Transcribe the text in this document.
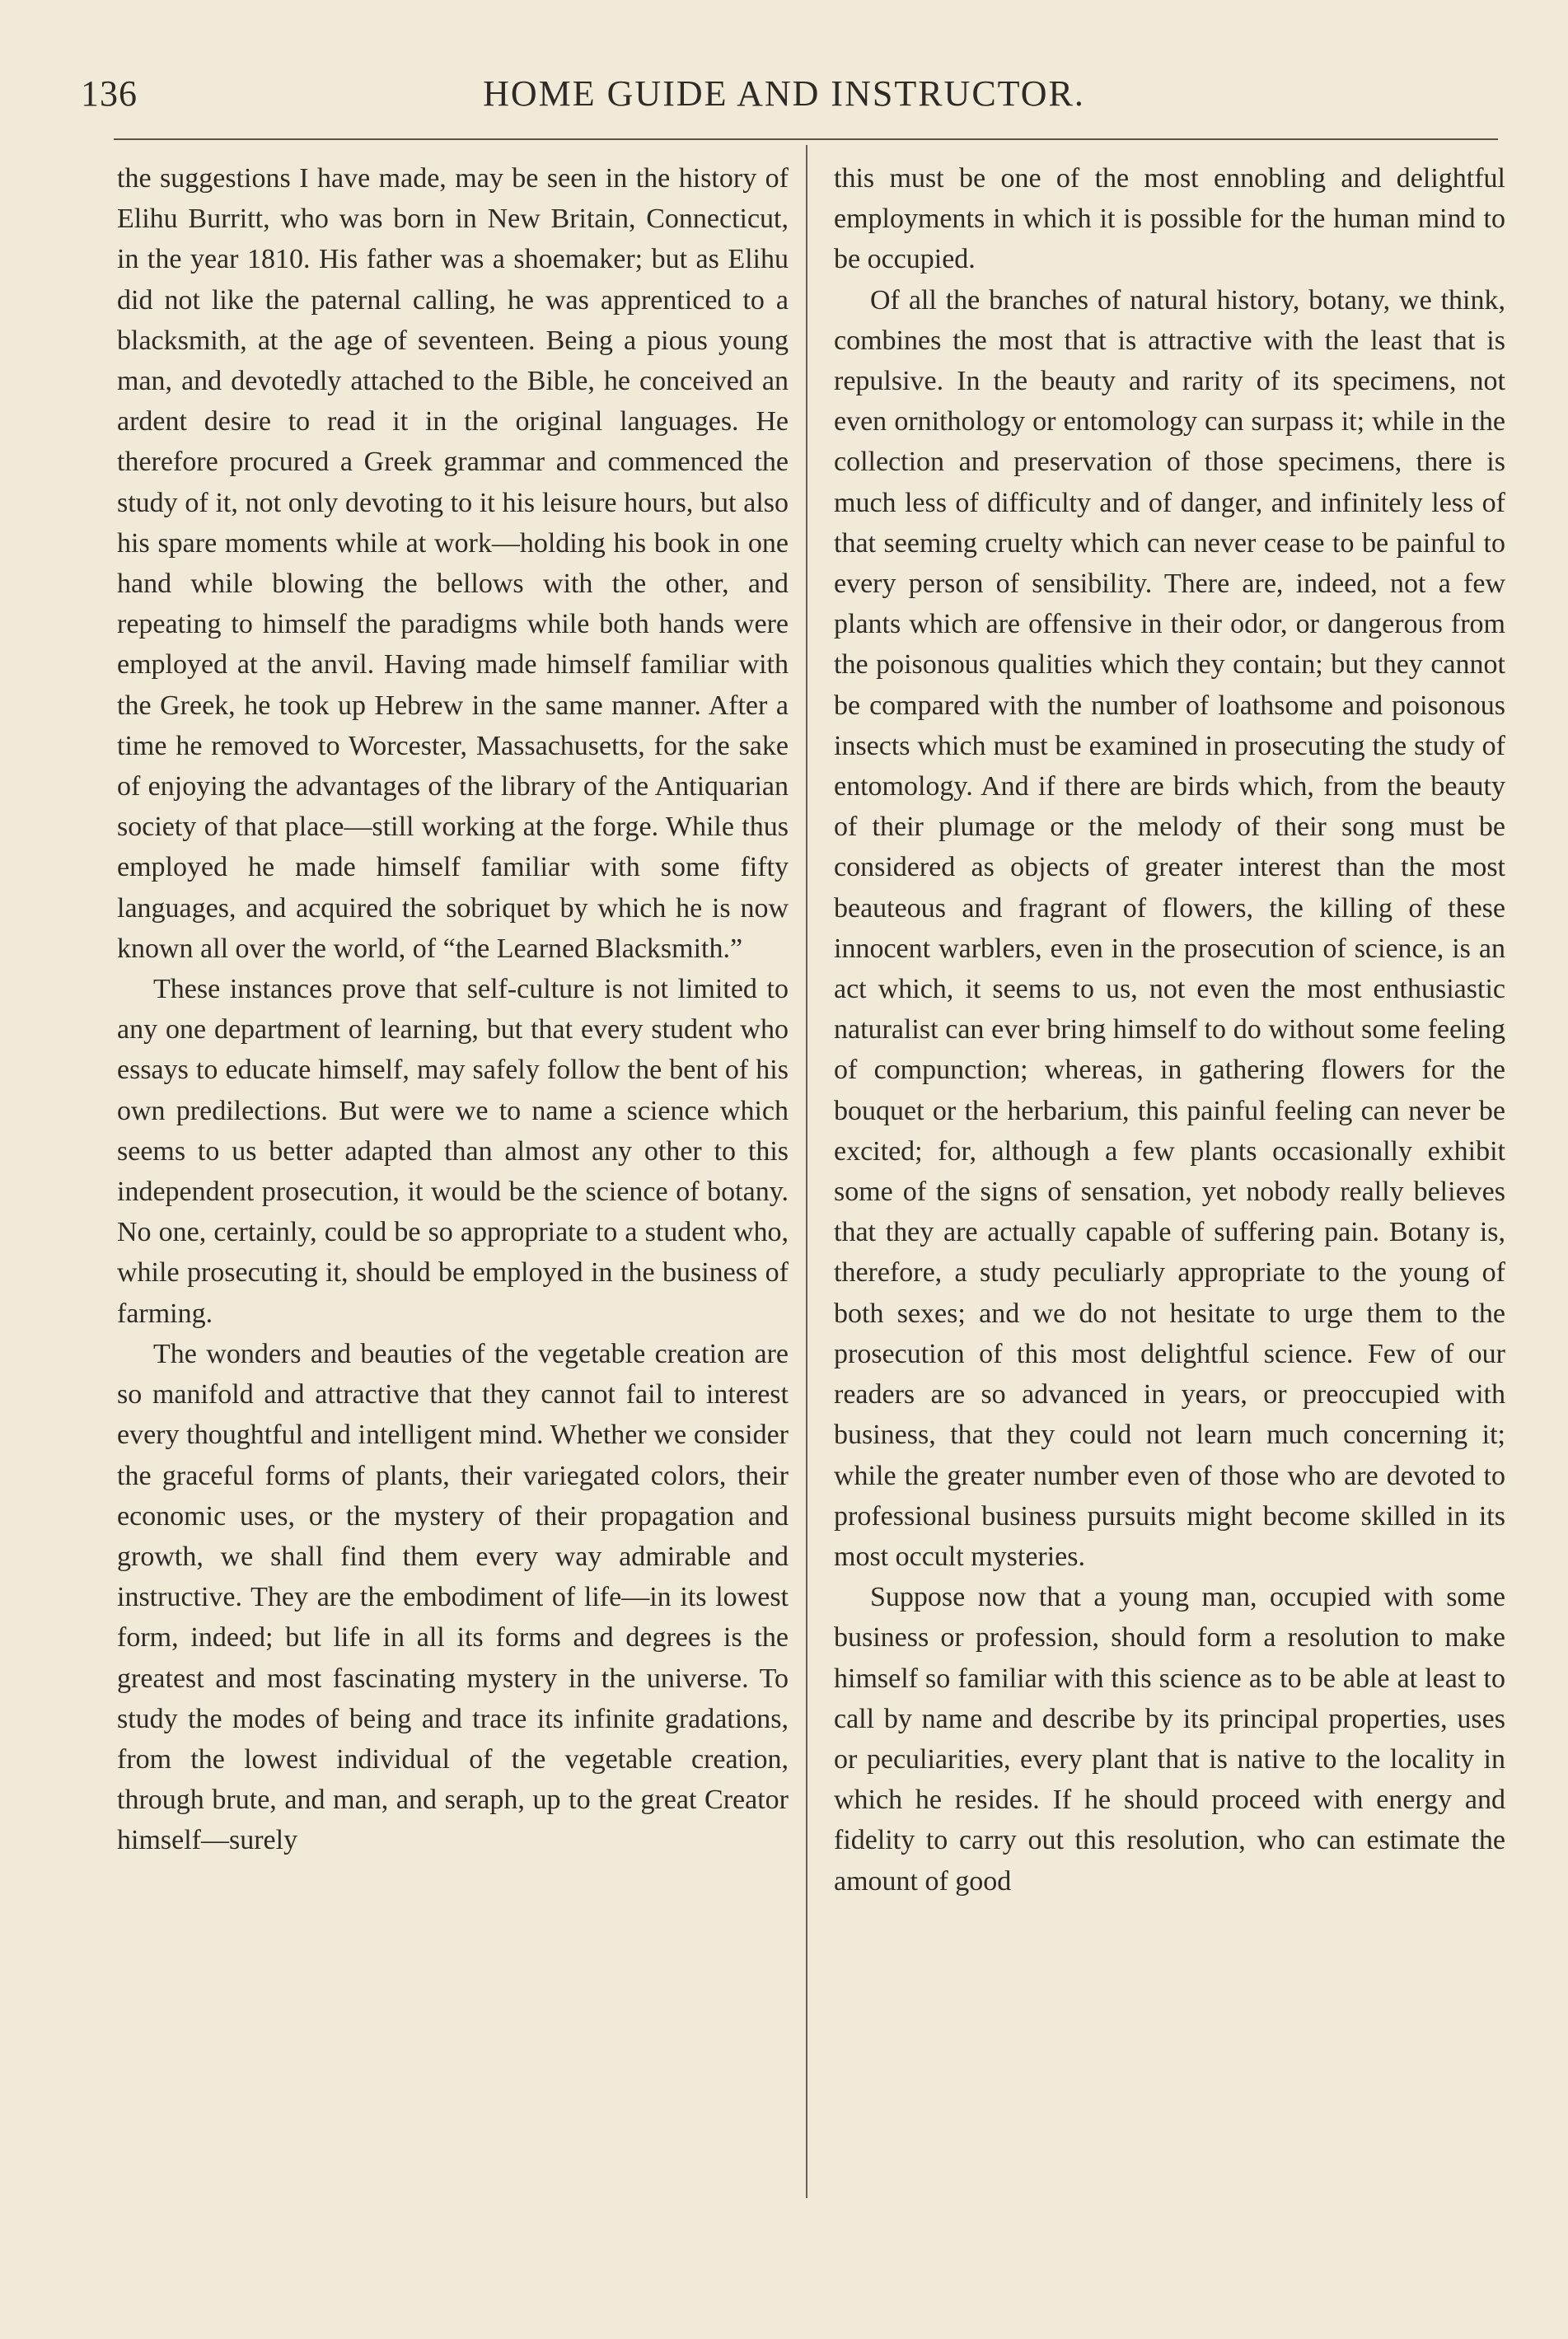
136	HOME GUIDE AND INSTRUCTOR.

the suggestions I have made, may be seen in the history of Elihu Burritt, who was born in New Britain, Connecticut, in the year 1810. His father was a shoemaker; but as Elihu did not like the paternal calling, he was apprenticed to a blacksmith, at the age of seventeen. Being a pious young man, and devotedly attached to the Bible, he conceived an ardent desire to read it in the original languages. He therefore procured a Greek grammar and commenced the study of it, not only devoting to it his leisure hours, but also his spare moments while at work—holding his book in one hand while blowing the bellows with the other, and repeating to himself the paradigms while both hands were employed at the anvil. Having made himself familiar with the Greek, he took up Hebrew in the same manner. After a time he removed to Worcester, Massachusetts, for the sake of enjoying the advantages of the library of the Antiquarian society of that place—still working at the forge. While thus employed he made himself familiar with some fifty languages, and acquired the sobriquet by which he is now known all over the world, of “the Learned Blacksmith.”

These instances prove that self-culture is not limited to any one department of learning, but that every student who essays to educate himself, may safely follow the bent of his own predilections. But were we to name a science which seems to us better adapted than almost any other to this independent prosecution, it would be the science of botany. No one, certainly, could be so appropriate to a student who, while prosecuting it, should be employed in the business of farming.

The wonders and beauties of the vegetable creation are so manifold and attractive that they cannot fail to interest every thoughtful and intelligent mind. Whether we consider the graceful forms of plants, their variegated colors, their economic uses, or the mystery of their propagation and growth, we shall find them every way admirable and instructive. They are the embodiment of life—in its lowest form, indeed; but life in all its forms and degrees is the greatest and most fascinating mystery in the universe. To study the modes of being and trace its infinite gradations, from the lowest individual of the vegetable creation, through brute, and man, and seraph, up to the great Creator himself—surely

this must be one of the most ennobling and delightful employments in which it is possible for the human mind to be occupied.

Of all the branches of natural history, botany, we think, combines the most that is attractive with the least that is repulsive. In the beauty and rarity of its specimens, not even ornithology or entomology can surpass it; while in the collection and preservation of those specimens, there is much less of difficulty and of danger, and infinitely less of that seeming cruelty which can never cease to be painful to every person of sensibility. There are, indeed, not a few plants which are offensive in their odor, or dangerous from the poisonous qualities which they contain; but they cannot be compared with the number of loathsome and poisonous insects which must be examined in prosecuting the study of entomology. And if there are birds which, from the beauty of their plumage or the melody of their song must be considered as objects of greater interest than the most beauteous and fragrant of flowers, the killing of these innocent warblers, even in the prosecution of science, is an act which, it seems to us, not even the most enthusiastic naturalist can ever bring himself to do without some feeling of compunction; whereas, in gathering flowers for the bouquet or the herbarium, this painful feeling can never be excited; for, although a few plants occasionally exhibit some of the signs of sensation, yet nobody really believes that they are actually capable of suffering pain. Botany is, therefore, a study peculiarly appropriate to the young of both sexes; and we do not hesitate to urge them to the prosecution of this most delightful science. Few of our readers are so advanced in years, or preoccupied with business, that they could not learn much concerning it; while the greater number even of those who are devoted to professional business pursuits might become skilled in its most occult mysteries.

Suppose now that a young man, occupied with some business or profession, should form a resolution to make himself so familiar with this science as to be able at least to call by name and describe by its principal properties, uses or peculiarities, every plant that is native to the locality in which he resides. If he should proceed with energy and fidelity to carry out this resolution, who can estimate the amount of good
